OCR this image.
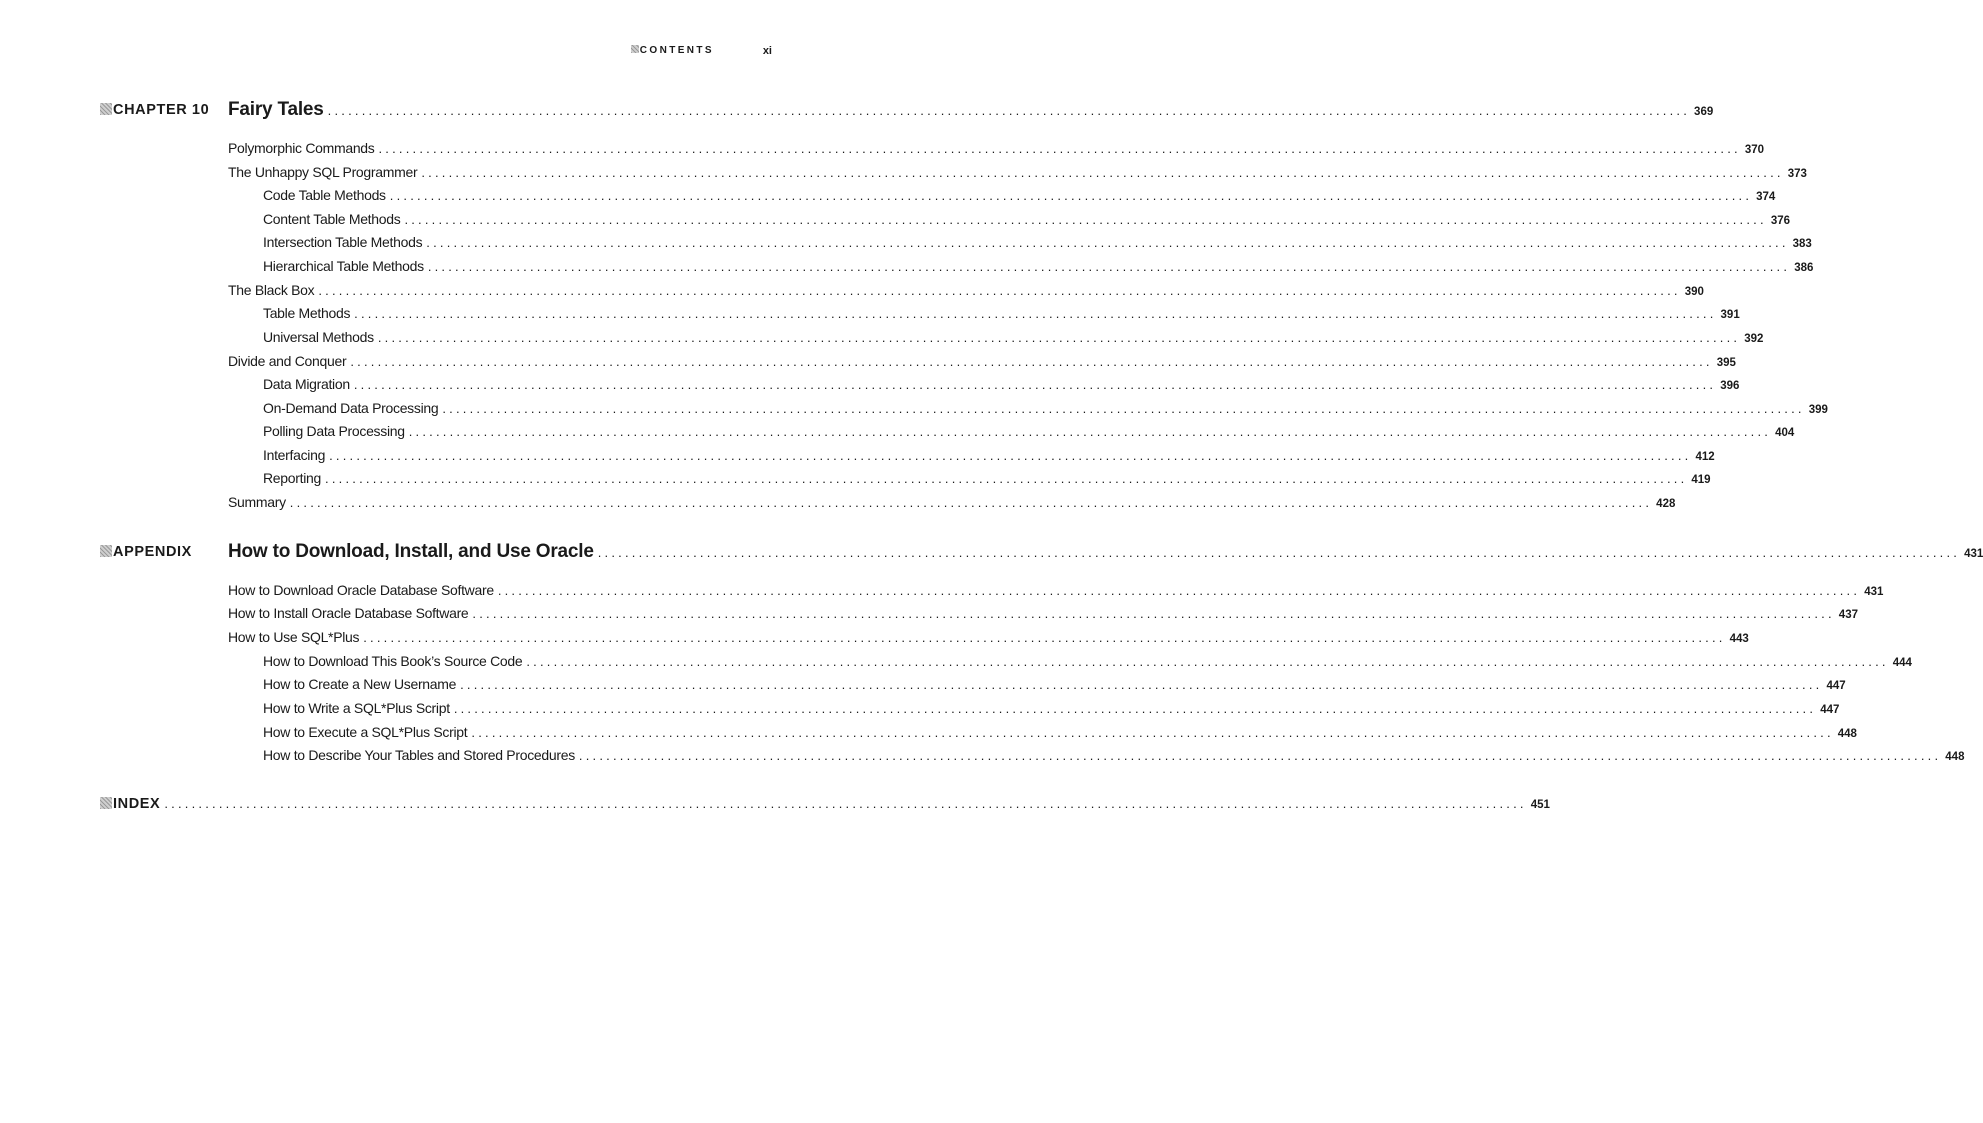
CONTENTS	xi
CHAPTER 10 Fairy Tales ........................................................................................................................................................................................................ 369
Polymorphic Commands ........................................................................................................................................................................................................ 370
The Unhappy SQL Programmer ........................................................................................................................................................................................................ 373
Code Table Methods ........................................................................................................................................................................................................ 374
Content Table Methods ........................................................................................................................................................................................................ 376
Intersection Table Methods ........................................................................................................................................................................................................ 383
Hierarchical Table Methods ........................................................................................................................................................................................................ 386
The Black Box ........................................................................................................................................................................................................ 390
Table Methods ........................................................................................................................................................................................................ 391
Universal Methods ........................................................................................................................................................................................................ 392
Divide and Conquer ........................................................................................................................................................................................................ 395
Data Migration ........................................................................................................................................................................................................ 396
On-Demand Data Processing ........................................................................................................................................................................................................ 399
Polling Data Processing ........................................................................................................................................................................................................ 404
Interfacing ........................................................................................................................................................................................................ 412
Reporting ........................................................................................................................................................................................................ 419
Summary ........................................................................................................................................................................................................ 428
APPENDIX How to Download, Install, and Use Oracle ........................................................................................................................................................................................................ 431
How to Download Oracle Database Software ........................................................................................................................................................................................................ 431
How to Install Oracle Database Software ........................................................................................................................................................................................................ 437
How to Use SQL*Plus ........................................................................................................................................................................................................ 443
How to Download This Book’s Source Code ........................................................................................................................................................................................................ 444
How to Create a New Username ........................................................................................................................................................................................................ 447
How to Write a SQL*Plus Script ........................................................................................................................................................................................................ 447
How to Execute a SQL*Plus Script ........................................................................................................................................................................................................ 448
How to Describe Your Tables and Stored Procedures ........................................................................................................................................................................................................ 448
INDEX ........................................................................................................................................................................................................ 451
